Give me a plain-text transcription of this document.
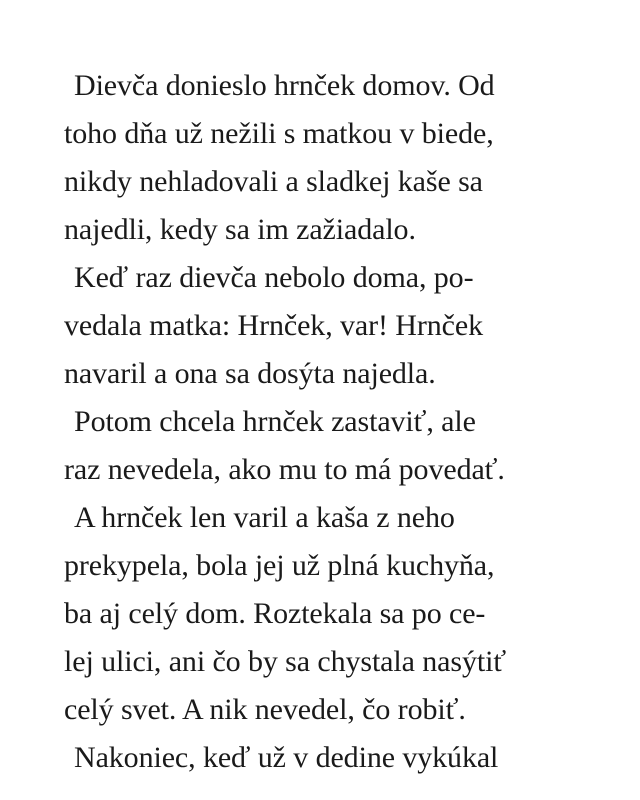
Dievča donieslo hrnček domov. Od
toho dňa už nežili s matkou v biede,
nikdy nehladovali a sladkej kaše sa
najedli, kedy sa im zažiadalo.
Keď raz dievča nebolo doma, po-
vedala matka: Hrnček, var! Hrnček
navaril a ona sa dosýta najedla.
Potom chcela hrnček zastaviť, ale
raz nevedela, ako mu to má povedať.
A hrnček len varil a kaša z neho
prekypela, bola jej už plná kuchyňa,
ba aj celý dom. Roztekala sa po ce-
lej ulici, ani čo by sa chystala nasýtiť
celý svet. A nik nevedel, čo robiť.
Nakoniec, keď už v dedine vykúkal
